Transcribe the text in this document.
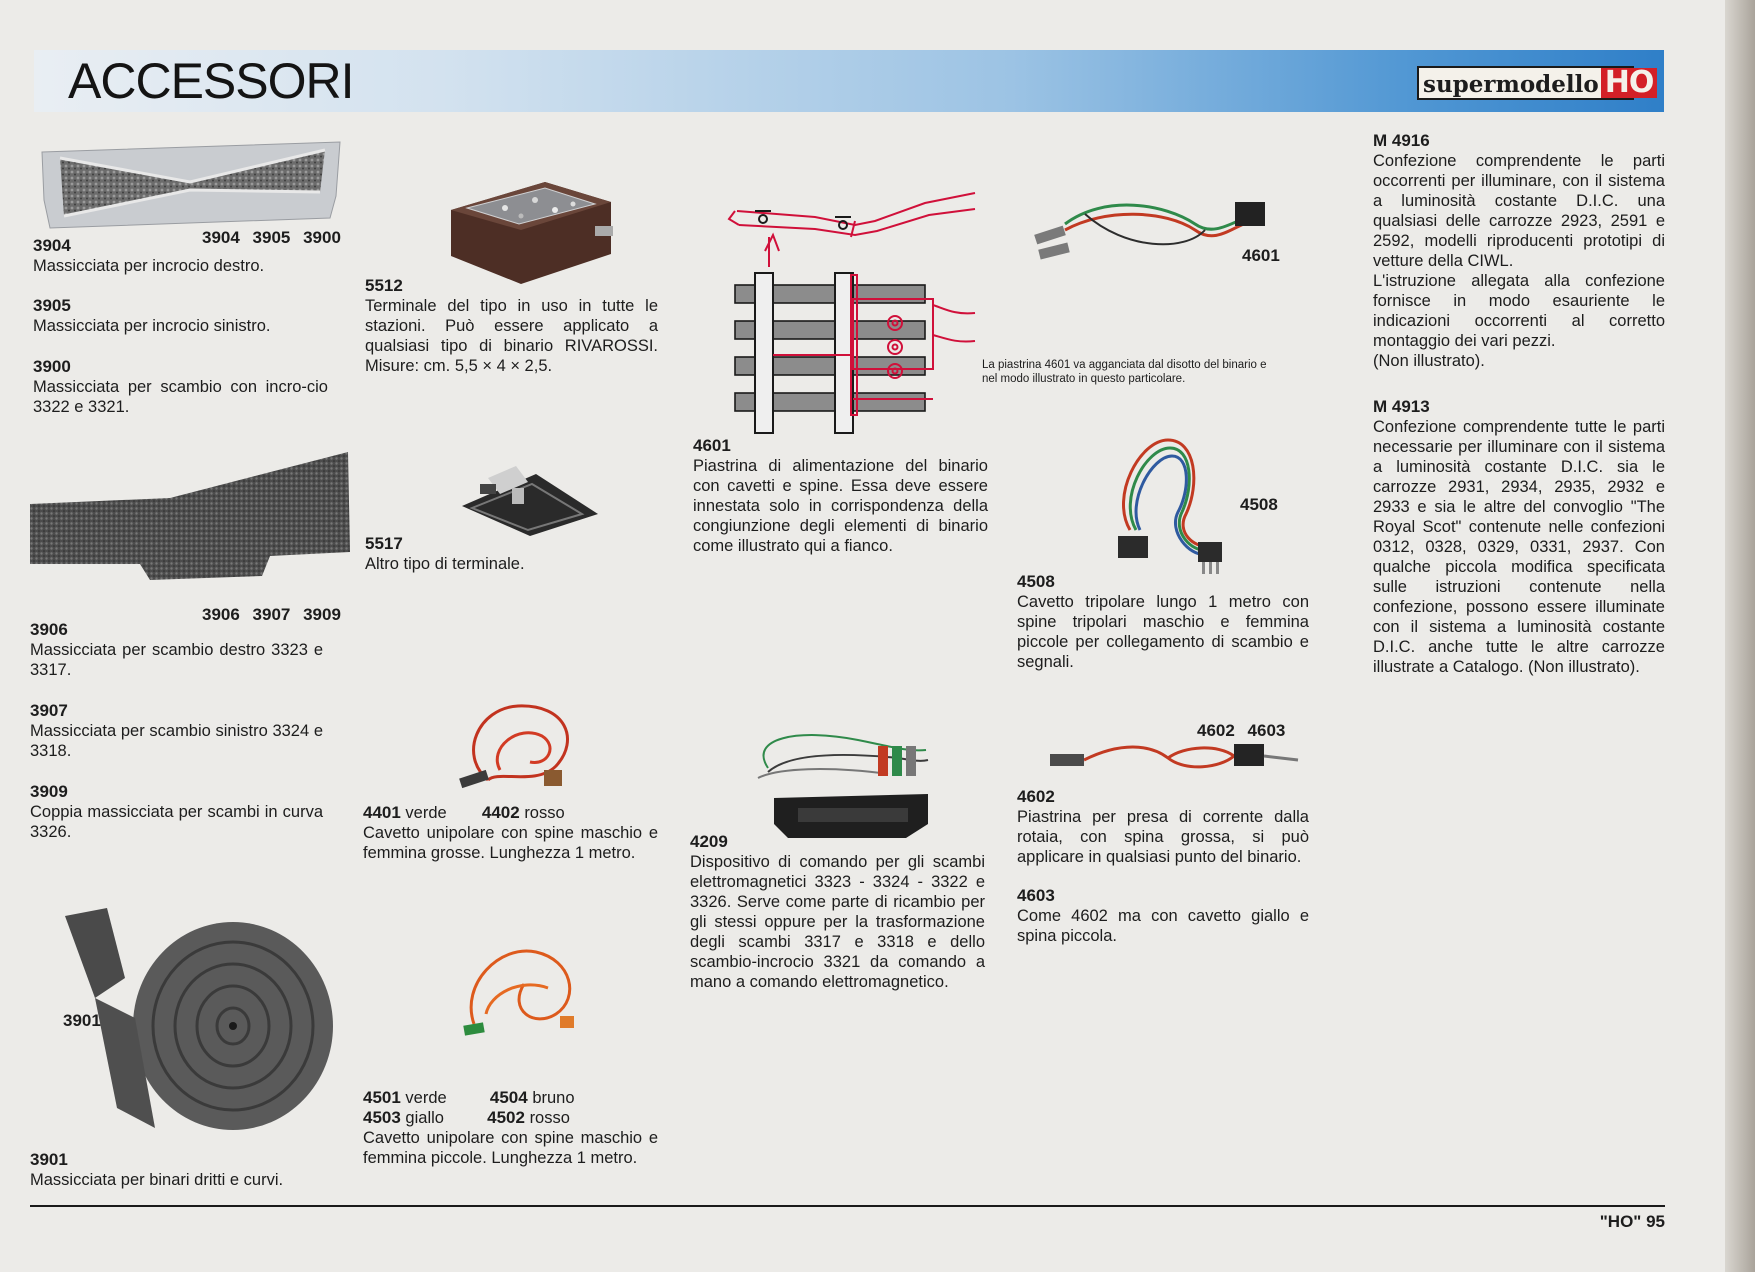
ACCESSORI	supermodello HO
3904 3905 3900
3904
Massicciata per incrocio destro.
3905
Massicciata per incrocio sinistro.
3900
Massicciata per scambio con incro-cio 3322 e 3321.
3906 3907 3909
3906
Massicciata per scambio destro 3323 e 3317.
3907
Massicciata per scambio sinistro 3324 e 3318.
3909
Coppia massicciata per scambi in curva 3326.
3901
3901
Massicciata per binari dritti e curvi.
5512
Terminale del tipo in uso in tutte le stazioni. Può essere applicato a qualsiasi tipo di binario RIVAROSSI. Misure: cm. 5,5 × 4 × 2,5.
5517
Altro tipo di terminale.
4401 verde 4402 rosso
Cavetto unipolare con spine maschio e femmina grosse. Lunghezza 1 metro.
4501 verde	4504 bruno
4503 giallo	4502 rosso
Cavetto unipolare con spine maschio e femmina piccole. Lunghezza 1 metro.
4601
Piastrina di alimentazione del binario con cavetti e spine. Essa deve essere innestata solo in corrispondenza della congiunzione degli elementi di binario come illustrato qui a fianco.
4209
Dispositivo di comando per gli scambi elettromagnetici 3323 - 3324 - 3322 e 3326. Serve come parte di ricambio per gli stessi oppure per la trasformazione degli scambi 3317 e 3318 e dello scambio-incrocio 3321 da comando a mano a comando elettromagnetico.
4601
La piastrina 4601 va agganciata dal disotto del binario e nel modo illustrato in questo particolare.
4508
4508
Cavetto tripolare lungo 1 metro con spine tripolari maschio e femmina piccole per collegamento di scambio e segnali.
4602 4603
4602
Piastrina per presa di corrente dalla rotaia, con spina grossa, si può applicare in qualsiasi punto del binario.
4603
Come 4602 ma con cavetto giallo e spina piccola.
M 4916
Confezione comprendente le parti occorrenti per illuminare, con il sistema a luminosità costante D.I.C. una qualsiasi delle carrozze 2923, 2591 e 2592, modelli riproducenti prototipi di vetture della CIWL.
L'istruzione allegata alla confezione fornisce in modo esauriente le indicazioni occorrenti al corretto montaggio dei vari pezzi.
(Non illustrato).
M 4913
Confezione comprendente tutte le parti necessarie per illuminare con il sistema a luminosità costante D.I.C. sia le carrozze 2931, 2934, 2935, 2932 e 2933 e sia le altre del convoglio "The Royal Scot" contenute nelle confezioni 0312, 0328, 0329, 0331, 2937. Con qualche piccola modifica specificata sulle istruzioni contenute nella confezione, possono essere illuminate con il sistema a luminosità costante D.I.C. anche tutte le altre carrozze illustrate a Catalogo. (Non illustrato).
"HO" 95
